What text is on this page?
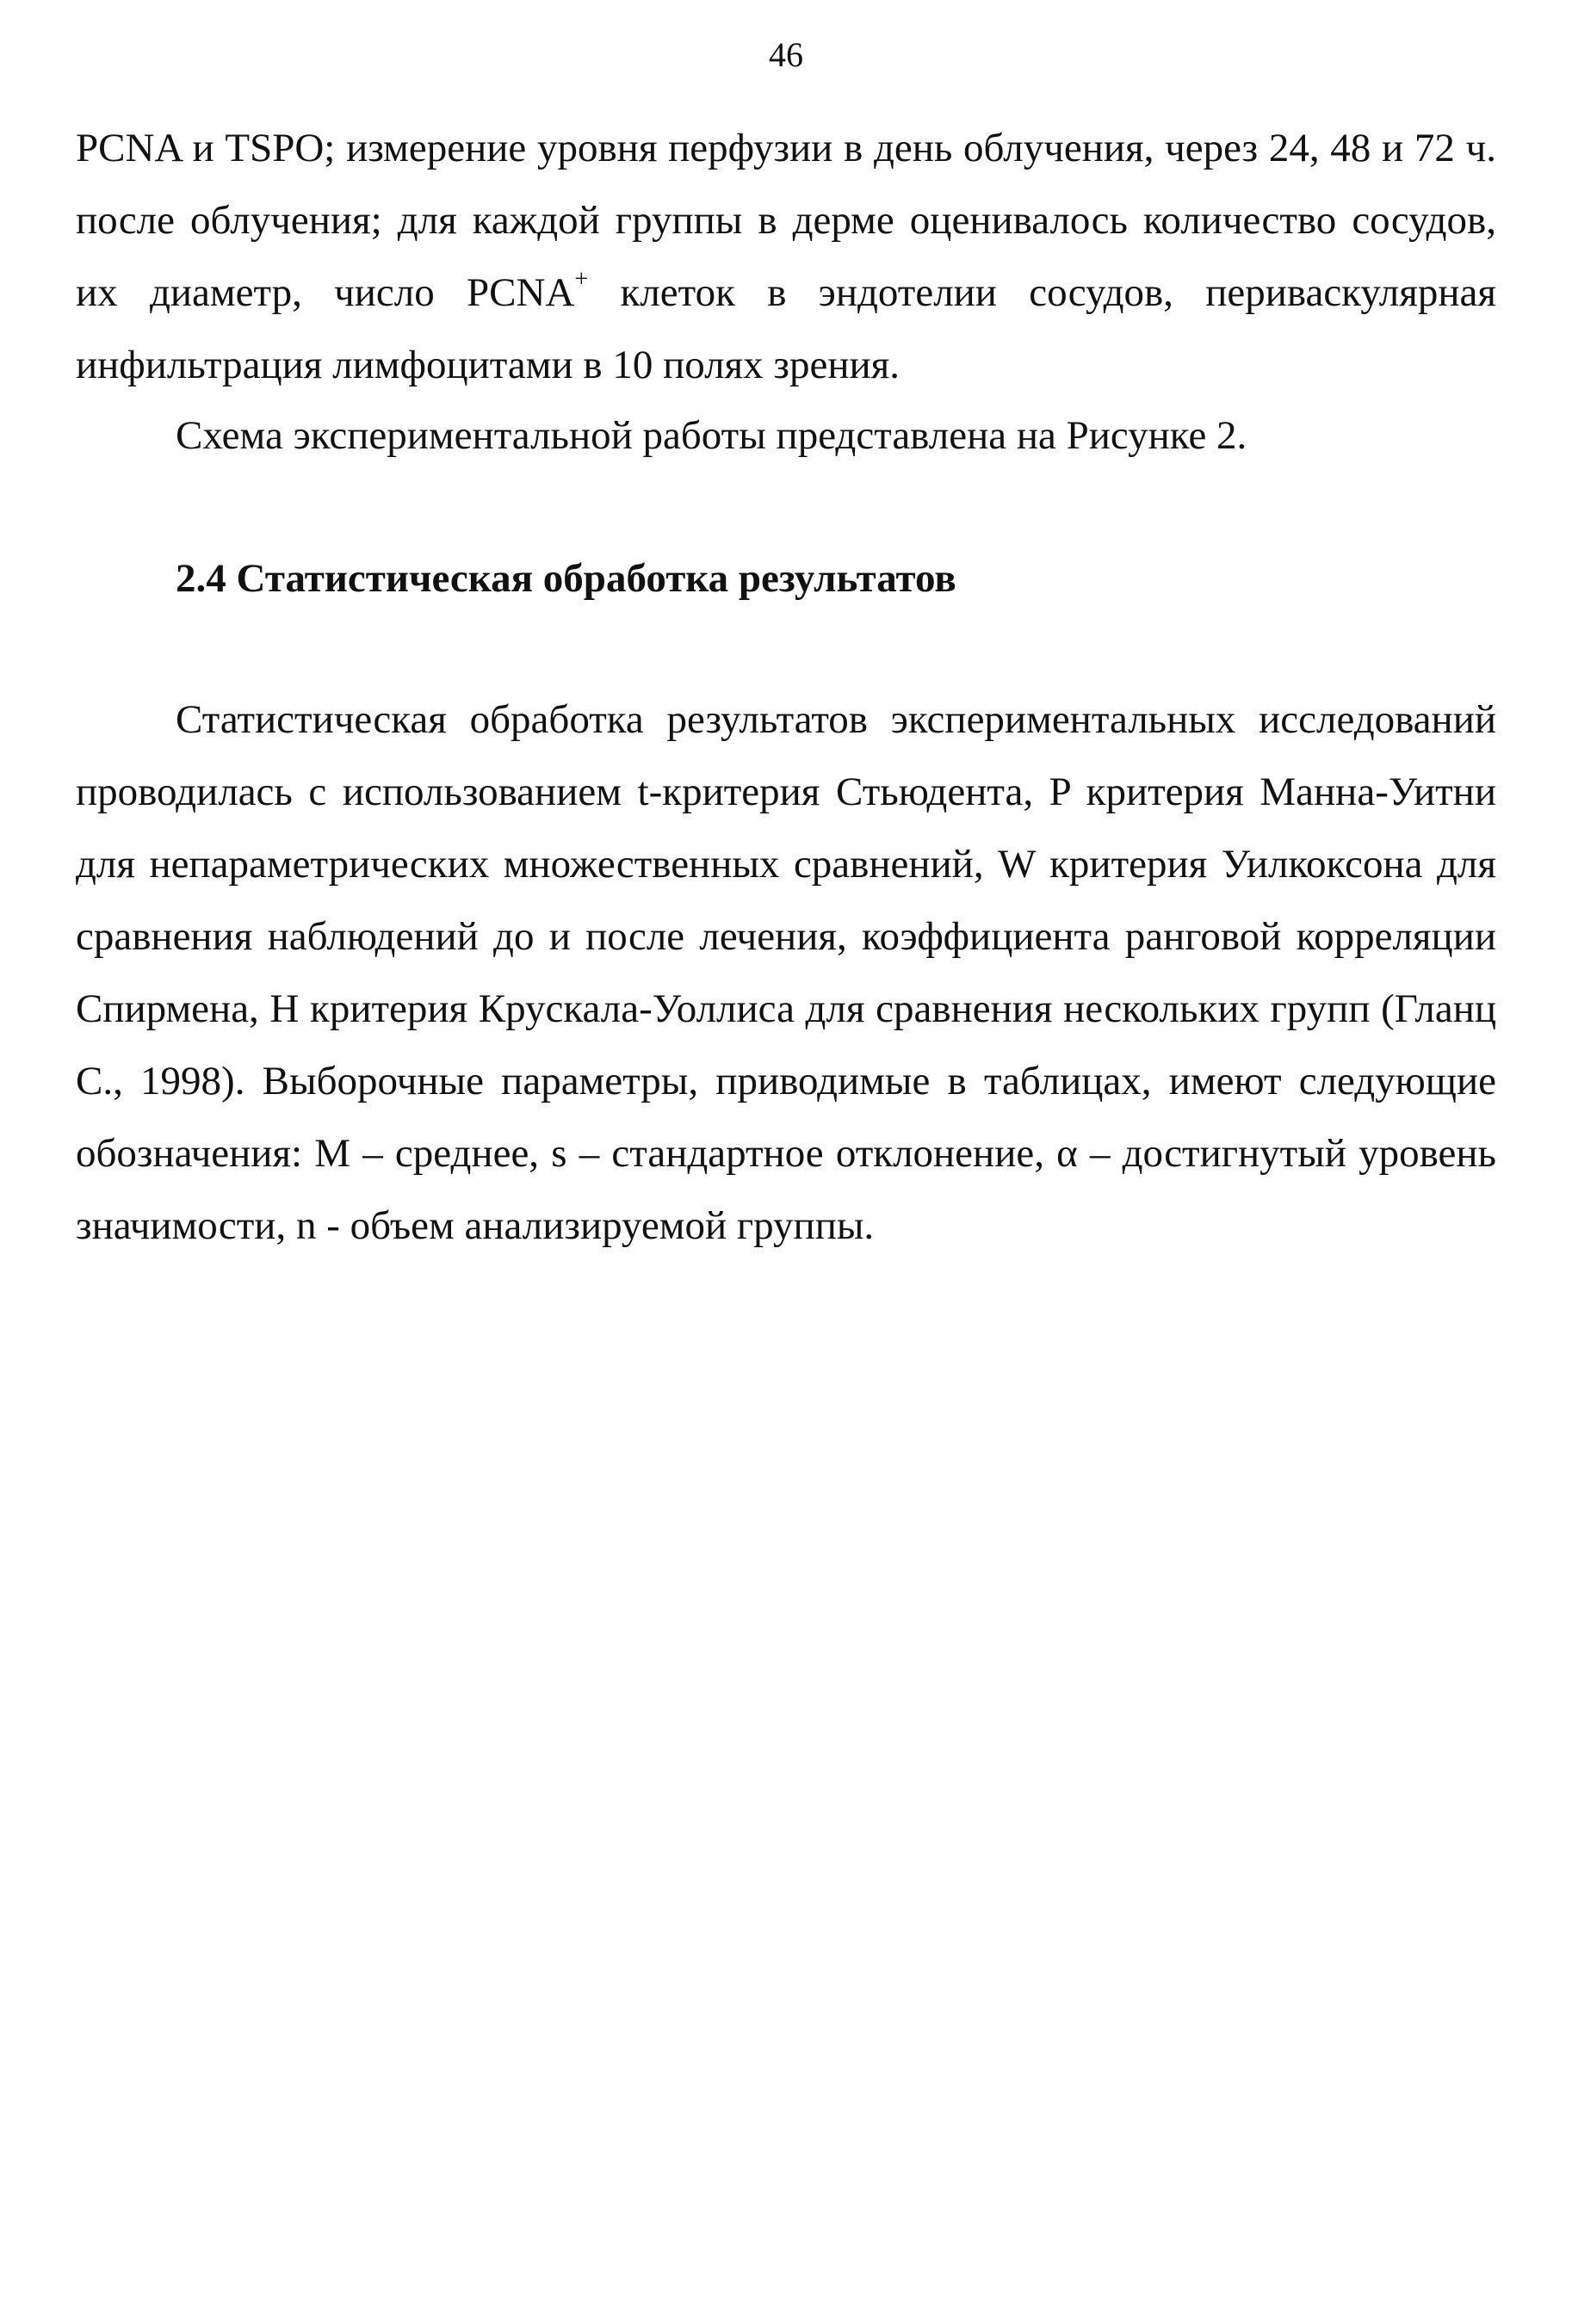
46

PCNA и TSPO; измерение уровня перфузии в день облучения, через 24, 48 и 72 ч. после облучения; для каждой группы в дерме оценивалось количество сосудов, их диаметр, число PCNA+ клеток в эндотелии сосудов, периваскулярная инфильтрация лимфоцитами в 10 полях зрения.

Схема экспериментальной работы представлена на Рисунке 2.

2.4 Статистическая обработка результатов

Статистическая обработка результатов экспериментальных исследований проводилась с использованием t-критерия Стьюдента, P критерия Манна-Уитни для непараметрических множественных сравнений, W критерия Уилкоксона для сравнения наблюдений до и после лечения, коэффициента ранговой корреляции Спирмена, H критерия Крускала-Уоллиса для сравнения нескольких групп (Гланц С., 1998). Выборочные параметры, приводимые в таблицах, имеют следующие обозначения: M – среднее, s – стандартное отклонение, α – достигнутый уровень значимости, n - объем анализируемой группы.
